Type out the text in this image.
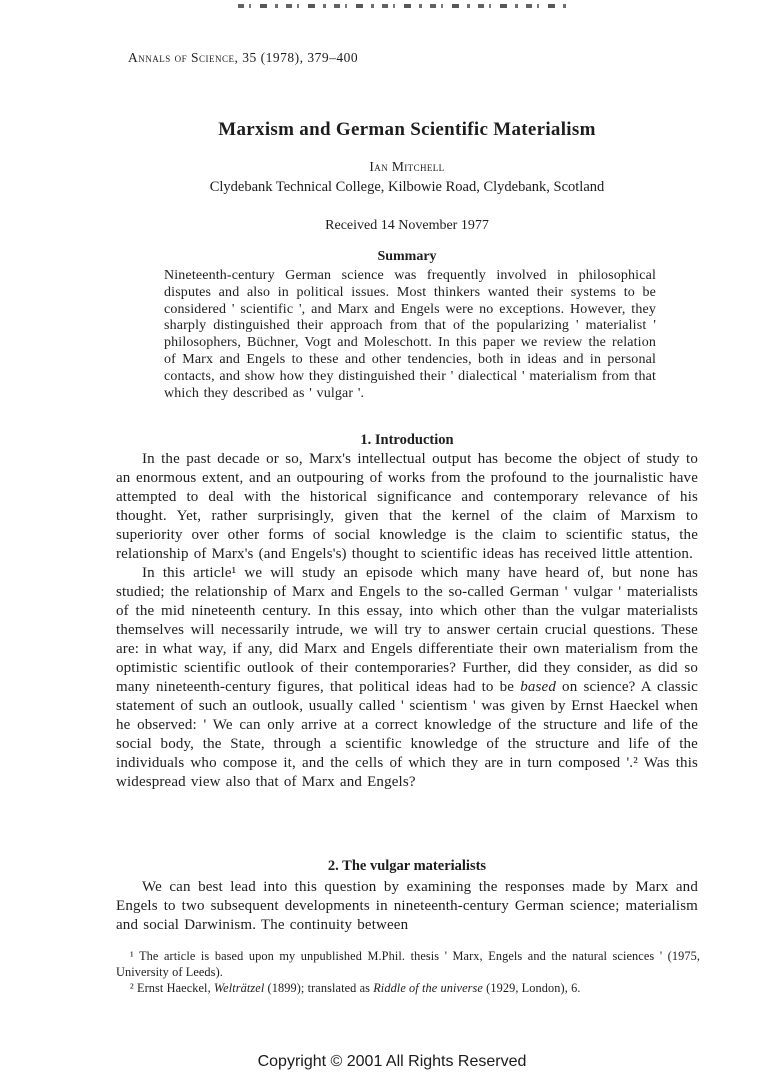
Annals of Science, 35 (1978), 379–400
Marxism and German Scientific Materialism
Ian Mitchell
Clydebank Technical College, Kilbowie Road, Clydebank, Scotland
Received 14 November 1977
Summary
Nineteenth-century German science was frequently involved in philosophical disputes and also in political issues. Most thinkers wanted their systems to be considered ' scientific ', and Marx and Engels were no exceptions. However, they sharply distinguished their approach from that of the popularizing ' materialist ' philosophers, Büchner, Vogt and Moleschott. In this paper we review the relation of Marx and Engels to these and other tendencies, both in ideas and in personal contacts, and show how they distinguished their ' dialectical ' materialism from that which they described as ' vulgar '.
1. Introduction

In the past decade or so, Marx's intellectual output has become the object of study to an enormous extent, and an outpouring of works from the profound to the journalistic have attempted to deal with the historical significance and contemporary relevance of his thought. Yet, rather surprisingly, given that the kernel of the claim of Marxism to superiority over other forms of social knowledge is the claim to scientific status, the relationship of Marx's (and Engels's) thought to scientific ideas has received little attention.

In this article¹ we will study an episode which many have heard of, but none has studied; the relationship of Marx and Engels to the so-called German ' vulgar ' materialists of the mid nineteenth century. In this essay, into which other than the vulgar materialists themselves will necessarily intrude, we will try to answer certain crucial questions. These are: in what way, if any, did Marx and Engels differentiate their own materialism from the optimistic scientific outlook of their contemporaries? Further, did they consider, as did so many nineteenth-century figures, that political ideas had to be based on science? A classic statement of such an outlook, usually called ' scientism ' was given by Ernst Haeckel when he observed: ' We can only arrive at a correct knowledge of the structure and life of the social body, the State, through a scientific knowledge of the structure and life of the individuals who compose it, and the cells of which they are in turn composed '.² Was this widespread view also that of Marx and Engels?

2. The vulgar materialists

We can best lead into this question by examining the responses made by Marx and Engels to two subsequent developments in nineteenth-century German science; materialism and social Darwinism. The continuity between

¹ The article is based upon my unpublished M.Phil. thesis ' Marx, Engels and the natural sciences ' (1975, University of Leeds).

² Ernst Haeckel, Welträtzel (1899); translated as Riddle of the universe (1929, London), 6.

Copyright © 2001 All Rights Reserved
